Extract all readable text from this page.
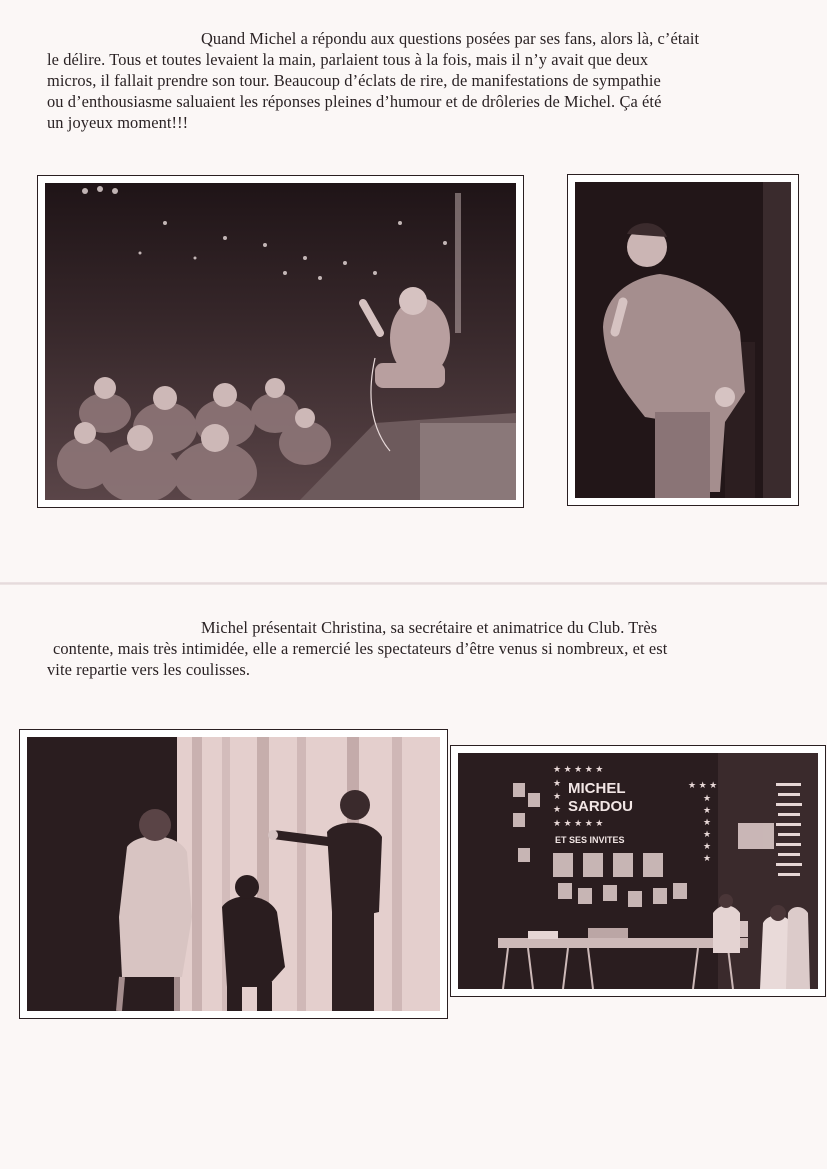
Quand Michel a répondu aux questions posées par ses fans, alors là, c’était
le délire. Tous et toutes levaient la main, parlaient tous à la fois, mais il n’y avait que deux
micros, il fallait prendre son tour. Beaucoup d’éclats de rire, de manifestations de sympathie
ou d’enthousiasme saluaient les réponses pleines d’humour et de drôleries de Michel. Ça été
un joyeux moment!!!
Michel présentait Christina, sa secrétaire et animatrice du Club. Très
contente, mais très intimidée, elle a remercié les spectateurs d’être venus si nombreux, et est
vite repartie vers les coulisses.
★ ★ ★ ★ ★
★ ★ ★ ★ ★
★ ★ ★
★
★
★
★
★
★
★
★
★
MICHEL
SARDOU
ET SES INVITES
